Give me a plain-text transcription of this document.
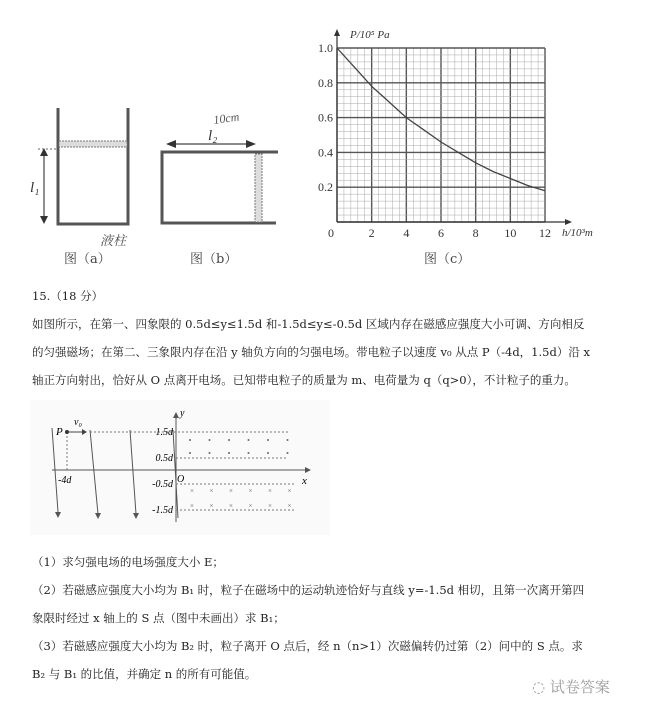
l₁
液柱
图（a）
l₂
10cm
图（b）
P/10⁵ Pa
h/10³m
0	2 4 6 8 10 12
0.2
0.4
0.6
0.8
1.0
图（c）
15.（18 分）
如图所示，在第一、四象限的 0.5d≤y≤1.5d 和-1.5d≤y≤-0.5d 区域内存在磁感应强度大小可调、方向相反
的匀强磁场；在第二、三象限内存在沿 y 轴负方向的匀强电场。带电粒子以速度 v₀ 从点 P（-4d，1.5d）沿 x
轴正方向射出，恰好从 O 点离开电场。已知带电粒子的质量为 m、电荷量为 q（q>0），不计粒子的重力。
× × × × × ×
× × × × × ×
P
v₀
y
x
O
-4d
1.5d
0.5d
-0.5d
-1.5d
（1）求匀强电场的电场强度大小 E；
（2）若磁感应强度大小均为 B₁ 时，粒子在磁场中的运动轨迹恰好与直线 y=-1.5d 相切，且第一次离开第四
象限时经过 x 轴上的 S 点（图中未画出）求 B₁；
（3）若磁感应强度大小均为 B₂ 时，粒子离开 O 点后，经 n（n>1）次磁偏转仍过第（2）问中的 S 点。求
B₂ 与 B₁ 的比值，并确定 n 的所有可能值。
◌ 试卷答案
